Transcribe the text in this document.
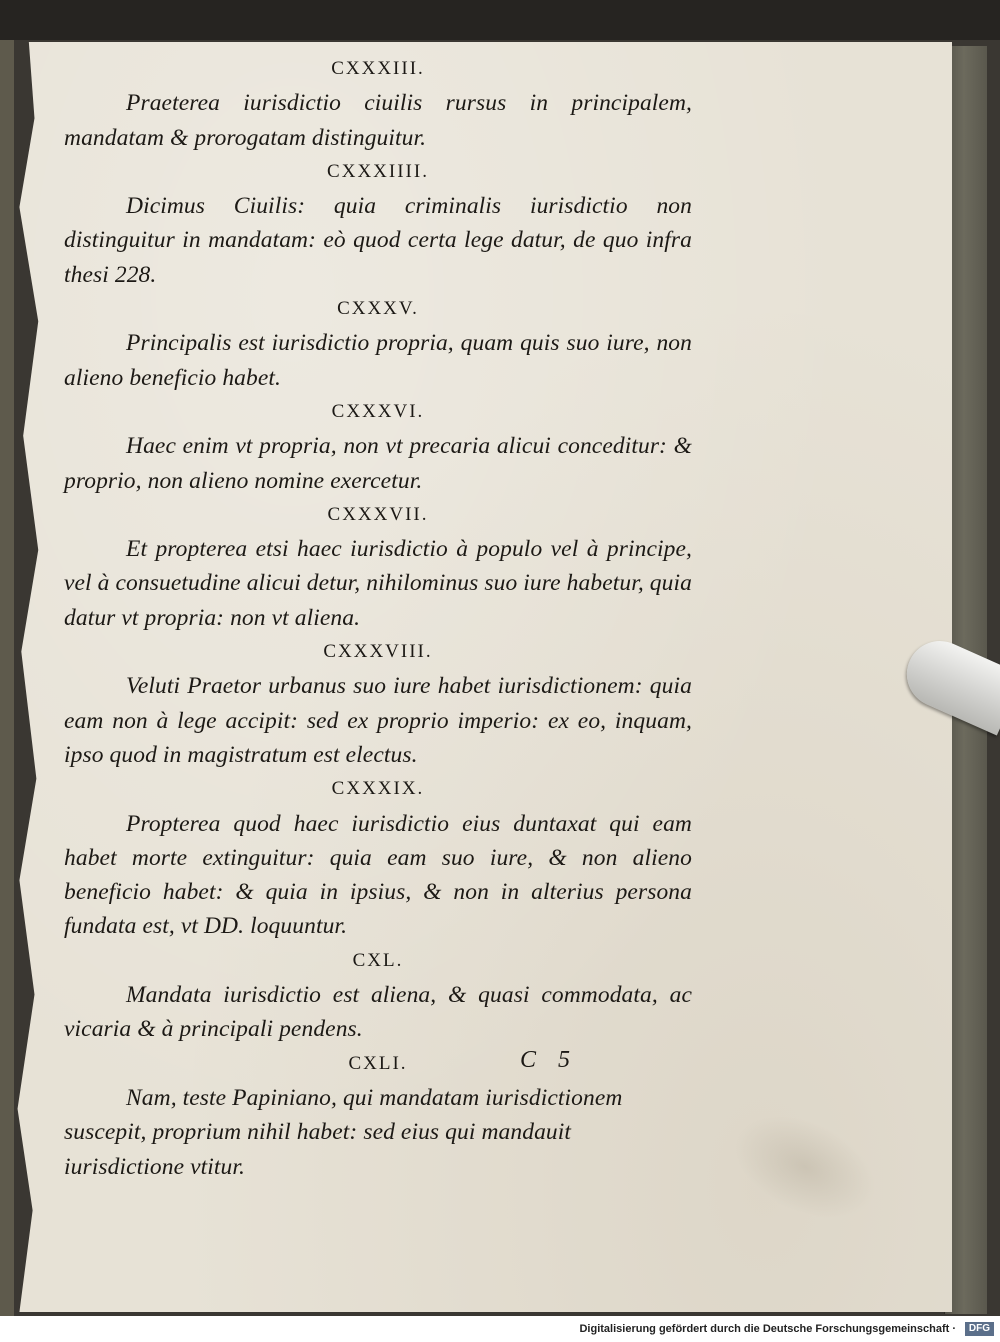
CXXXIII.
Praeterea iurisdictio ciuilis rursus in principalem, mandatam & prorogatam distinguitur.
CXXXIIII.
Dicimus Ciuilis: quia criminalis iurisdictio non distinguitur in mandatam: eò quod certa lege datur, de quo infra thesi 228.
CXXXV.
Principalis est iurisdictio propria, quam quis suo iure, non alieno beneficio habet.
CXXXVI.
Haec enim vt propria, non vt precaria alicui conceditur: & proprio, non alieno nomine exercetur.
CXXXVII.
Et propterea etsi haec iurisdictio à populo vel à principe, vel à consuetudine alicui detur, nihilominus suo iure habetur, quia datur vt propria: non vt aliena.
CXXXVIII.
Veluti Praetor urbanus suo iure habet iurisdictionem: quia eam non à lege accipit: sed ex proprio imperio: ex eo, inquam, ipso quod in magistratum est electus.
CXXXIX.
Propterea quod haec iurisdictio eius duntaxat qui eam habet morte extinguitur: quia eam suo iure, & non alieno beneficio habet: & quia in ipsius, & non in alterius persona fundata est, vt DD. loquuntur.
CXL.
Mandata iurisdictio est aliena, & quasi commodata, ac vicaria & à principali pendens.
CXLI.
Nam, teste Papiniano, qui mandatam iurisdictionem suscepit, proprium nihil habet: sed eius qui mandauit iurisdictione vtitur.
C 5
Digitalisierung gefördert durch die Deutsche Forschungsgemeinschaft ·	DFG
